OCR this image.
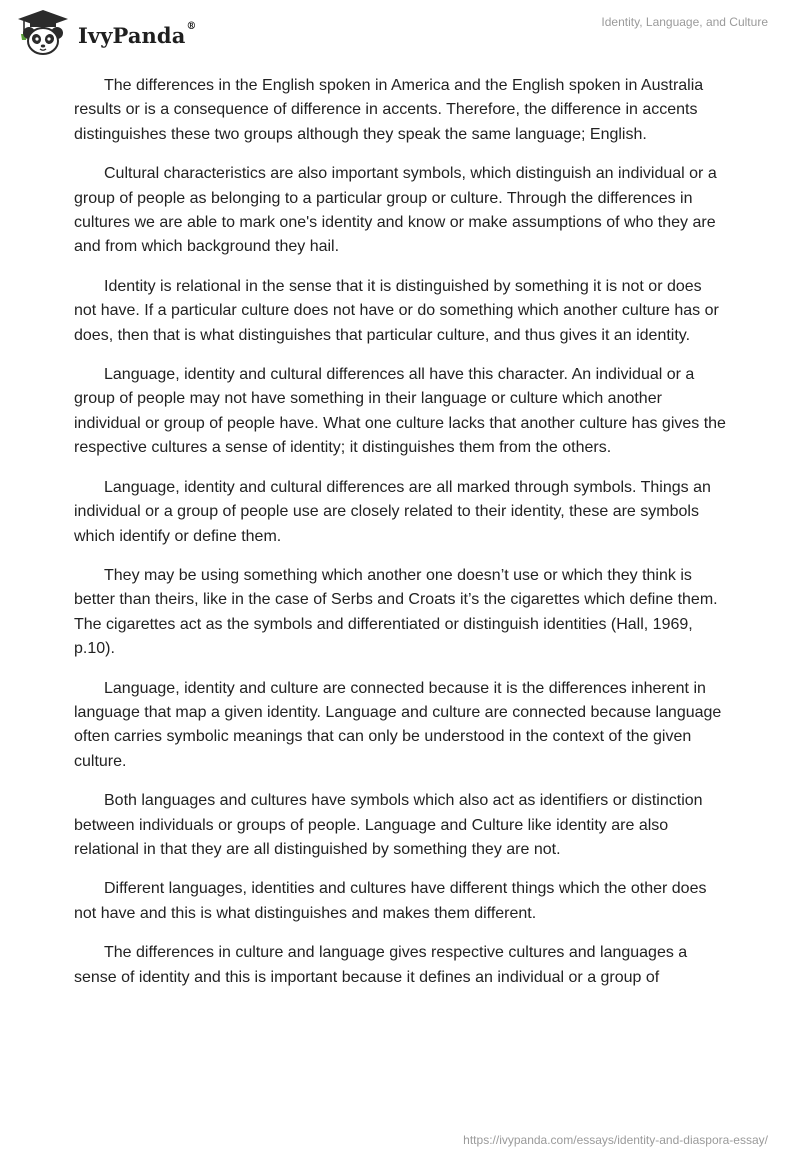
IvyPanda®	Identity, Language, and Culture

The differences in the English spoken in America and the English spoken in Australia results or is a consequence of difference in accents. Therefore, the difference in accents distinguishes these two groups although they speak the same language; English.

Cultural characteristics are also important symbols, which distinguish an individual or a group of people as belonging to a particular group or culture. Through the differences in cultures we are able to mark one's identity and know or make assumptions of who they are and from which background they hail.

Identity is relational in the sense that it is distinguished by something it is not or does not have. If a particular culture does not have or do something which another culture has or does, then that is what distinguishes that particular culture, and thus gives it an identity.

Language, identity and cultural differences all have this character. An individual or a group of people may not have something in their language or culture which another individual or group of people have. What one culture lacks that another culture has gives the respective cultures a sense of identity; it distinguishes them from the others.

Language, identity and cultural differences are all marked through symbols. Things an individual or a group of people use are closely related to their identity, these are symbols which identify or define them.

They may be using something which another one doesn’t use or which they think is better than theirs, like in the case of Serbs and Croats it’s the cigarettes which define them. The cigarettes act as the symbols and differentiated or distinguish identities (Hall, 1969, p.10).

Language, identity and culture are connected because it is the differences inherent in language that map a given identity. Language and culture are connected because language often carries symbolic meanings that can only be understood in the context of the given culture.

Both languages and cultures have symbols which also act as identifiers or distinction between individuals or groups of people. Language and Culture like identity are also relational in that they are all distinguished by something they are not.

Different languages, identities and cultures have different things which the other does not have and this is what distinguishes and makes them different.

The differences in culture and language gives respective cultures and languages a sense of identity and this is important because it defines an individual or a group of

https://ivypanda.com/essays/identity-and-diaspora-essay/
